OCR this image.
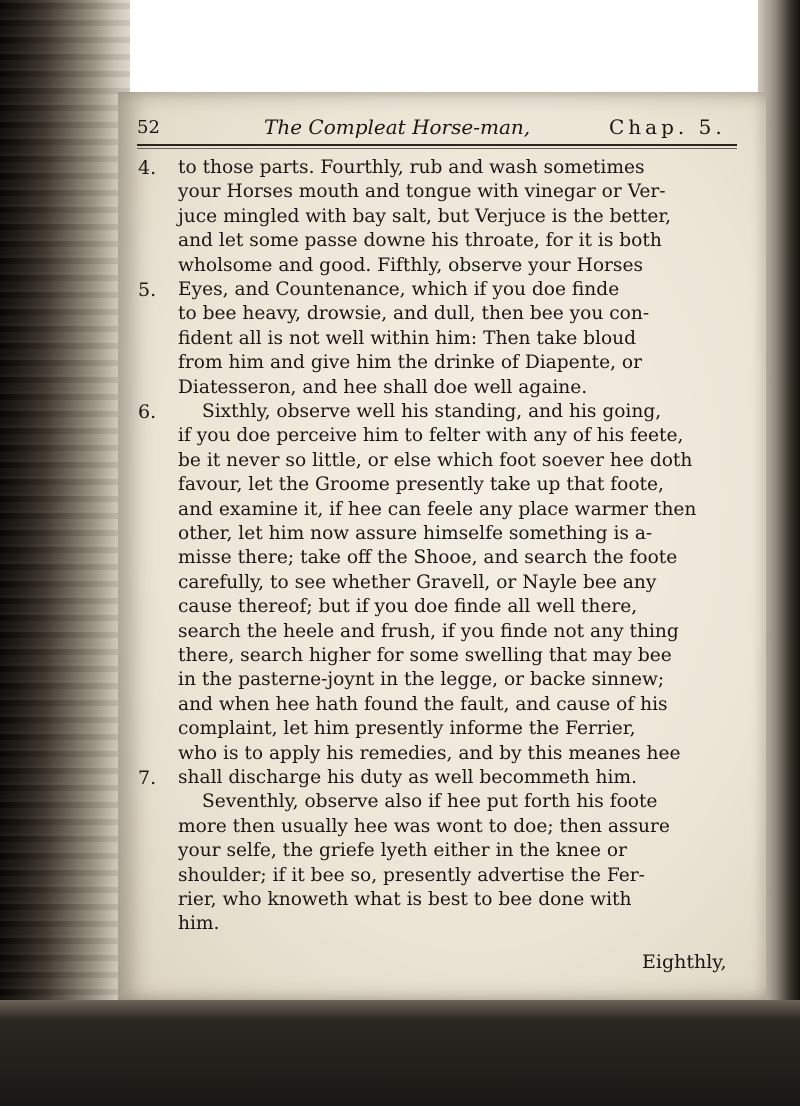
52	The Compleat Horse-man,	Chap. 5.
4.
5.
6.
7.
to those parts. Fourthly, rub and wash sometimes
your Horses mouth and tongue with vinegar or Ver-
juce mingled with bay salt, but Verjuce is the better,
and let some passe downe his throate, for it is both
wholsome and good. Fifthly, observe your Horses
Eyes, and Countenance, which if you doe finde
to bee heavy, drowsie, and dull, then bee you con-
fident all is not well within him: Then take bloud
from him and give him the drinke of Diapente, or
Diatesseron, and hee shall doe well againe.
Sixthly, observe well his standing, and his going,
if you doe perceive him to felter with any of his feete,
be it never so little, or else which foot soever hee doth
favour, let the Groome presently take up that foote,
and examine it, if hee can feele any place warmer then
other, let him now assure himselfe something is a-
misse there; take off the Shooe, and search the foote
carefully, to see whether Gravell, or Nayle bee any
cause thereof; but if you doe finde all well there,
search the heele and frush, if you finde not any thing
there, search higher for some swelling that may bee
in the pasterne-joynt in the legge, or backe sinnew;
and when hee hath found the fault, and cause of his
complaint, let him presently informe the Ferrier,
who is to apply his remedies, and by this meanes hee
shall discharge his duty as well becommeth him.
Seventhly, observe also if hee put forth his foote
more then usually hee was wont to doe; then assure
your selfe, the griefe lyeth either in the knee or
shoulder; if it bee so, presently advertise the Fer-
rier, who knoweth what is best to bee done with
him.
Eighthly,
